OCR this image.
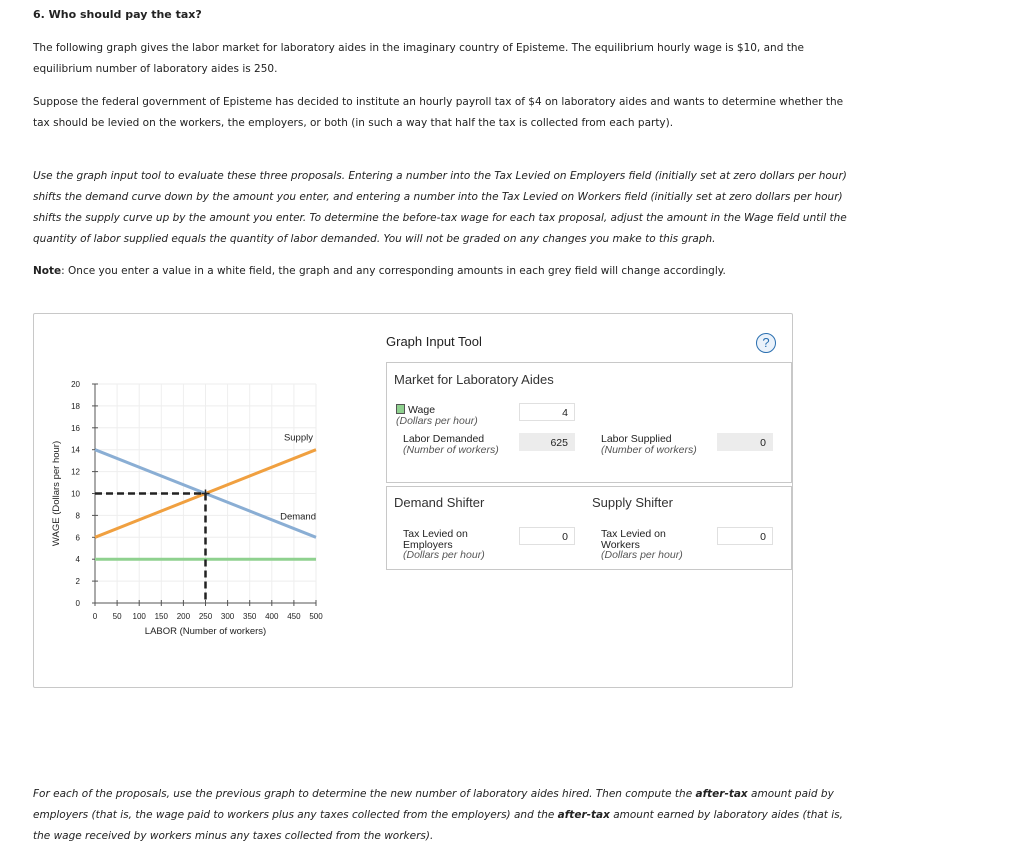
6. Who should pay the tax?

The following graph gives the labor market for laboratory aides in the imaginary country of Episteme. The equilibrium hourly wage is $10, and the equilibrium number of laboratory aides is 250.

Suppose the federal government of Episteme has decided to institute an hourly payroll tax of $4 on laboratory aides and wants to determine whether the tax should be levied on the workers, the employers, or both (in such a way that half the tax is collected from each party).

Use the graph input tool to evaluate these three proposals. Entering a number into the Tax Levied on Employers field (initially set at zero dollars per hour) shifts the demand curve down by the amount you enter, and entering a number into the Tax Levied on Workers field (initially set at zero dollars per hour) shifts the supply curve up by the amount you enter. To determine the before-tax wage for each tax proposal, adjust the amount in the Wage field until the quantity of labor supplied equals the quantity of labor demanded. You will not be graded on any changes you make to this graph.

Note: Once you enter a value in a white field, the graph and any corresponding amounts in each grey field will change accordingly.

0
2
4
6
8
10
12
14
16
18
20
0 50 100 150 200 250 300 350 400 450 500
LABOR (Number of workers)
WAGE (Dollars per hour)
Supply
Demand
Graph Input Tool	?
Market for Laboratory Aides
Wage
(Dollars per hour)
4
Labor Demanded
(Number of workers)
625	Labor Supplied
(Number of workers)
0
Demand Shifter
Tax Levied on Employers
(Dollars per hour)
0
Supply Shifter
Tax Levied on Workers
(Dollars per hour)
0

For each of the proposals, use the previous graph to determine the new number of laboratory aides hired. Then compute the after-tax amount paid by employers (that is, the wage paid to workers plus any taxes collected from the employers) and the after-tax amount earned by laboratory aides (that is, the wage received by workers minus any taxes collected from the workers).
